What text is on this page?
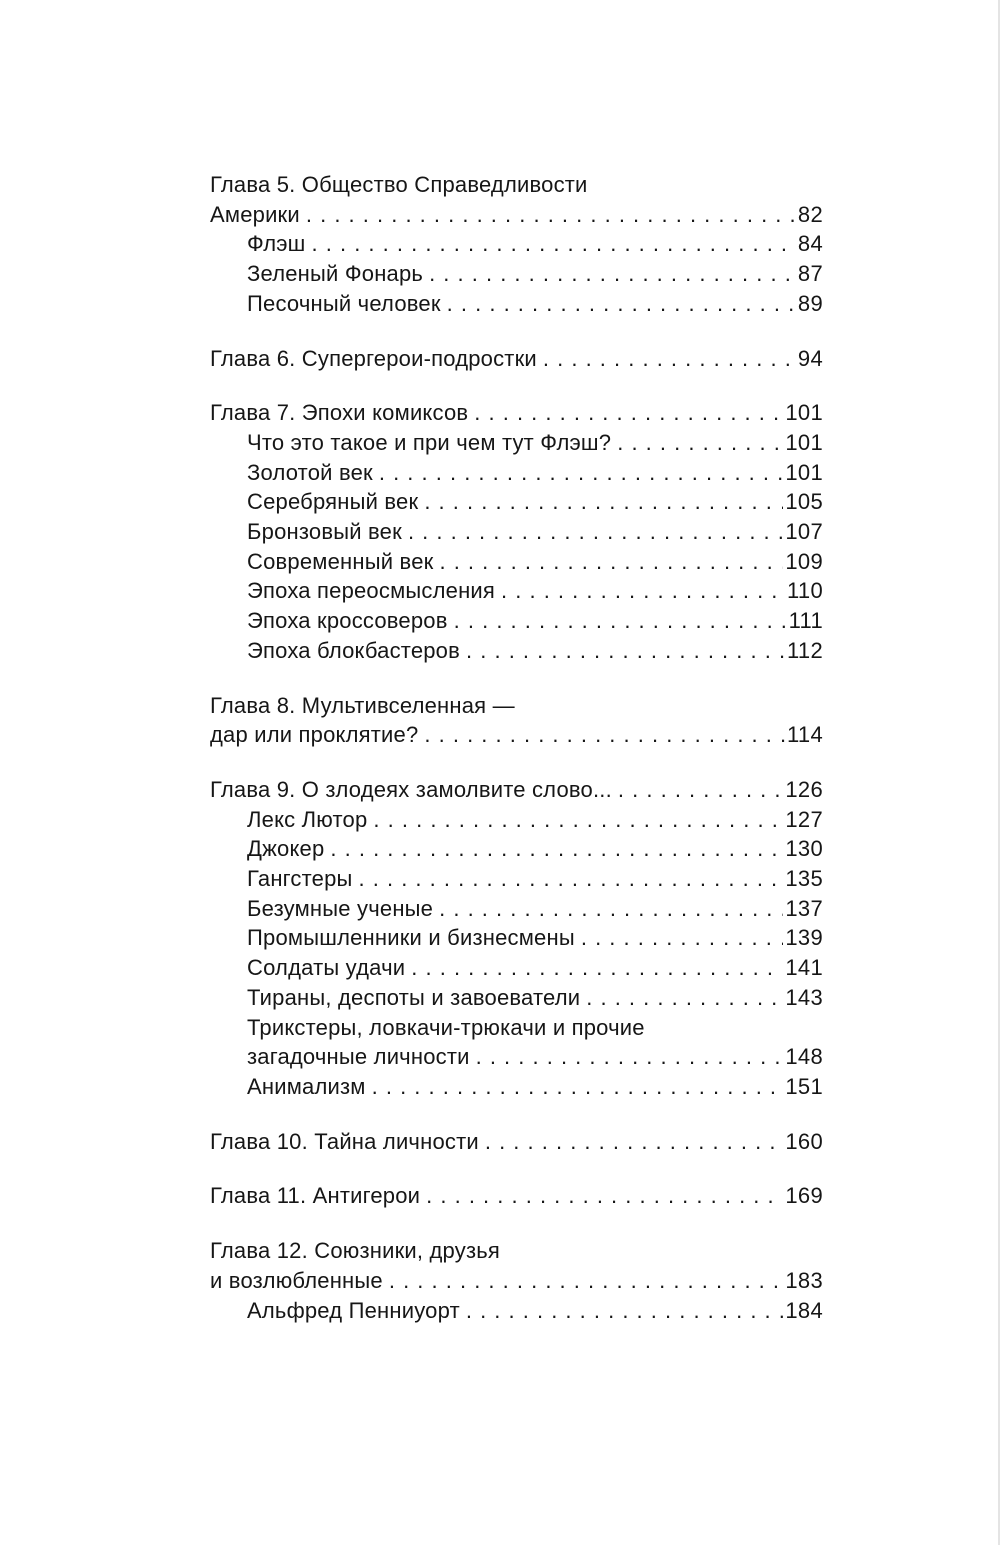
Глава 5. Общество Справедливости
Америки . . .	82
Флэш . . .	84
Зеленый Фонарь . . .	87
Песочный человек . . .	89
Глава 6. Супергерои-подростки . . .	94
Глава 7. Эпохи комиксов . . .	101
Что это такое и при чем тут Флэш? . . .	101
Золотой век . . .	101
Серебряный век . . .	105
Бронзовый век . . .	107
Современный век . . .	109
Эпоха переосмысления . . .	110
Эпоха кроссоверов . . .	111
Эпоха блокбастеров . . .	112
Глава 8. Мультивселенная —
дар или проклятие? . . .	114
Глава 9. О злодеях замолвите слово... . . .	126
Лекс Лютор . . .	127
Джокер . . .	130
Гангстеры . . .	135
Безумные ученые . . .	137
Промышленники и бизнесмены . . .	139
Солдаты удачи . . .	141
Тираны, деспоты и завоеватели . . .	143
Трикстеры, ловкачи-трюкачи и прочие
загадочные личности . . .	148
Анимализм . . .	151
Глава 10. Тайна личности . . .	160
Глава 11. Антигерои . . .	169
Глава 12. Союзники, друзья
и возлюбленные . . .	183
Альфред Пенниуорт . . .	184
